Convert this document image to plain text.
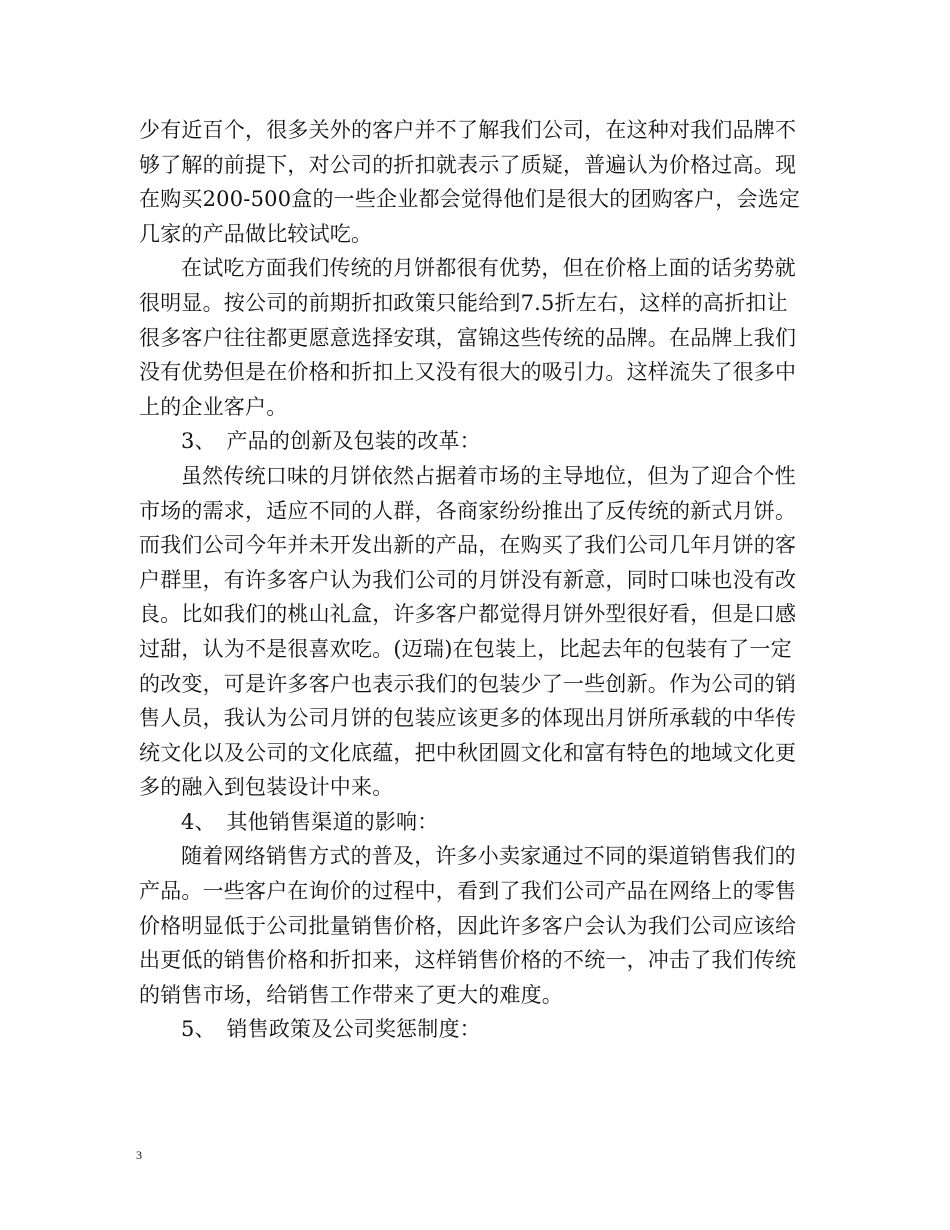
少有近百个，很多关外的客户并不了解我们公司，在这种对我们品牌不
够了解的前提下，对公司的折扣就表示了质疑，普遍认为价格过高。现
在购买200-500盒的一些企业都会觉得他们是很大的团购客户，会选定
几家的产品做比较试吃。
在试吃方面我们传统的月饼都很有优势，但在价格上面的话劣势就
很明显。按公司的前期折扣政策只能给到7.5折左右，这样的高折扣让
很多客户往往都更愿意选择安琪，富锦这些传统的品牌。在品牌上我们
没有优势但是在价格和折扣上又没有很大的吸引力。这样流失了很多中
上的企业客户。
3、　产品的创新及包装的改革：
虽然传统口味的月饼依然占据着市场的主导地位，但为了迎合个性
市场的需求，适应不同的人群，各商家纷纷推出了反传统的新式月饼。
而我们公司今年并未开发出新的产品，在购买了我们公司几年月饼的客
户群里，有许多客户认为我们公司的月饼没有新意，同时口味也没有改
良。比如我们的桃山礼盒，许多客户都觉得月饼外型很好看，但是口感
过甜，认为不是很喜欢吃。(迈瑞)在包装上，比起去年的包装有了一定
的改变，可是许多客户也表示我们的包装少了一些创新。作为公司的销
售人员，我认为公司月饼的包装应该更多的体现出月饼所承载的中华传
统文化以及公司的文化底蕴，把中秋团圆文化和富有特色的地域文化更
多的融入到包装设计中来。
4、　其他销售渠道的影响：
随着网络销售方式的普及，许多小卖家通过不同的渠道销售我们的
产品。一些客户在询价的过程中，看到了我们公司产品在网络上的零售
价格明显低于公司批量销售价格，因此许多客户会认为我们公司应该给
出更低的销售价格和折扣来，这样销售价格的不统一，冲击了我们传统
的销售市场，给销售工作带来了更大的难度。
5、　销售政策及公司奖惩制度：
3
